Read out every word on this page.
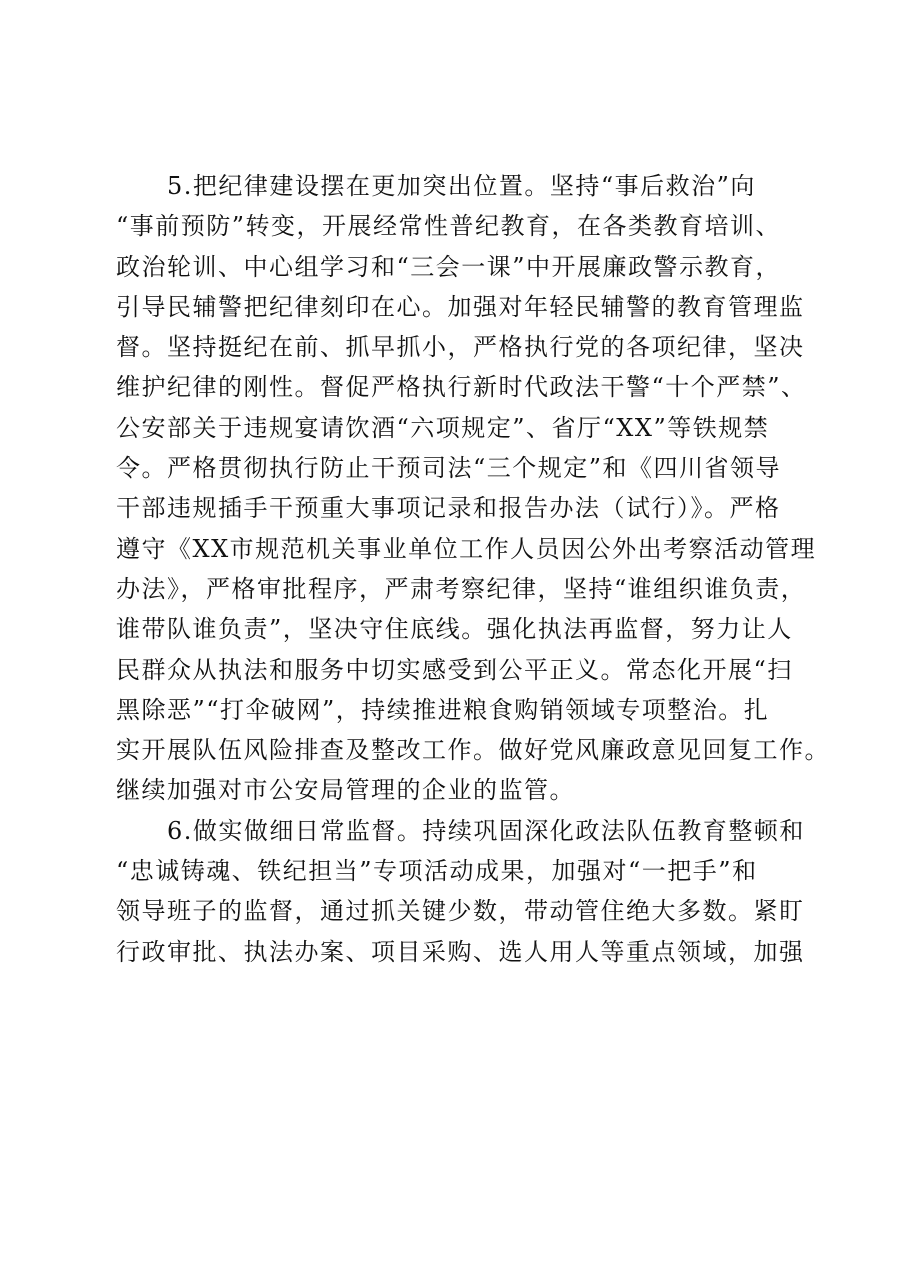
　　5.把纪律建设摆在更加突出位置。坚持“事后救治”向
“事前预防”转变，开展经常性普纪教育，在各类教育培训、
政治轮训、中心组学习和“三会一课”中开展廉政警示教育，
引导民辅警把纪律刻印在心。加强对年轻民辅警的教育管理监
督。坚持挺纪在前、抓早抓小，严格执行党的各项纪律，坚决
维护纪律的刚性。督促严格执行新时代政法干警“十个严禁”、
公安部关于违规宴请饮酒“六项规定”、省厅“XX”等铁规禁
令。严格贯彻执行防止干预司法“三个规定”和《四川省领导
干部违规插手干预重大事项记录和报告办法（试行）》。严格
遵守《XX市规范机关事业单位工作人员因公外出考察活动管理
办法》，严格审批程序，严肃考察纪律，坚持“谁组织谁负责，
谁带队谁负责”，坚决守住底线。强化执法再监督，努力让人
民群众从执法和服务中切实感受到公平正义。常态化开展“扫
黑除恶”“打伞破网”，持续推进粮食购销领域专项整治。扎
实开展队伍风险排查及整改工作。做好党风廉政意见回复工作。
继续加强对市公安局管理的企业的监管。
　　6.做实做细日常监督。持续巩固深化政法队伍教育整顿和
“忠诚铸魂、铁纪担当”专项活动成果，加强对“一把手”和
领导班子的监督，通过抓关键少数，带动管住绝大多数。紧盯
行政审批、执法办案、项目采购、选人用人等重点领域，加强
